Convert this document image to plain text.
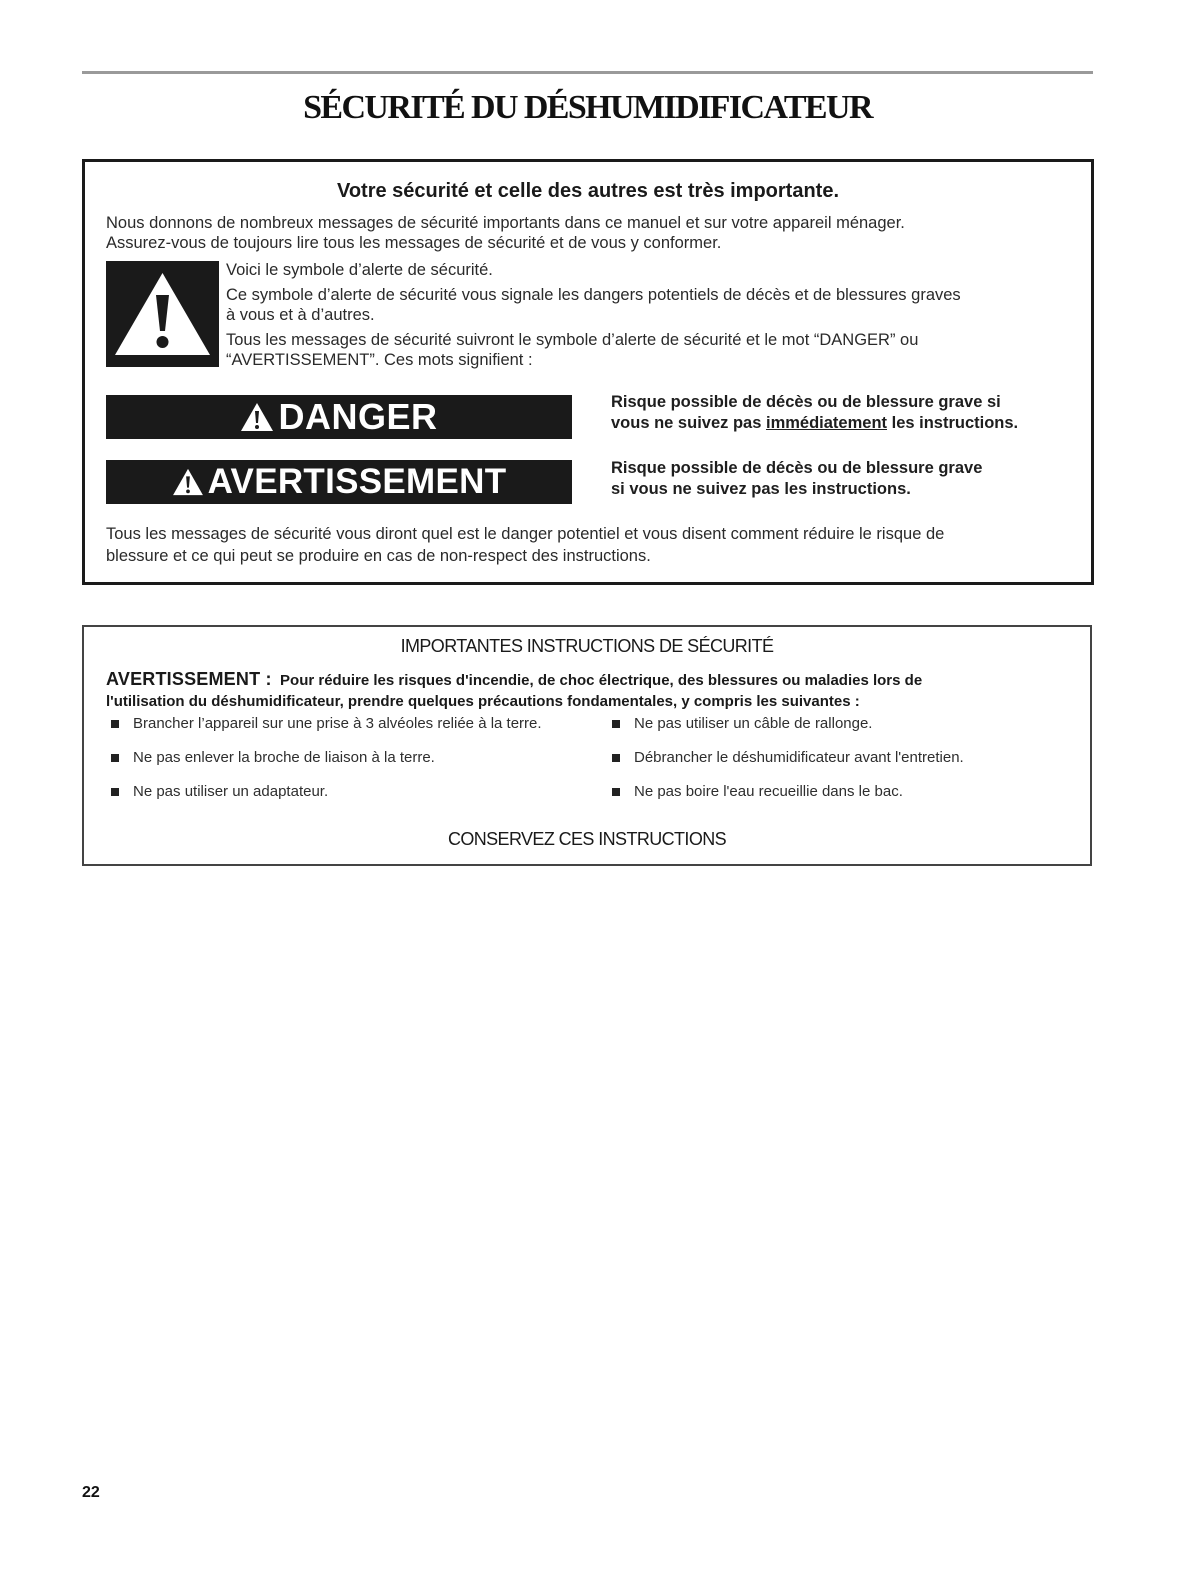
SÉCURITÉ DU DÉSHUMIDIFICATEUR
Votre sécurité et celle des autres est très importante.
Nous donnons de nombreux messages de sécurité importants dans ce manuel et sur votre appareil ménager.
Assurez-vous de toujours lire tous les messages de sécurité et de vous y conformer.
Voici le symbole d’alerte de sécurité.
Ce symbole d’alerte de sécurité vous signale les dangers potentiels de décès et de blessures graves
à vous et à d’autres.
Tous les messages de sécurité suivront le symbole d’alerte de sécurité et le mot “DANGER” ou
“AVERTISSEMENT”. Ces mots signifient :
DANGER	Risque possible de décès ou de blessure grave si
vous ne suivez pas immédiatement les instructions.
AVERTISSEMENT	Risque possible de décès ou de blessure grave
si vous ne suivez pas les instructions.
Tous les messages de sécurité vous diront quel est le danger potentiel et vous disent comment réduire le risque de
blessure et ce qui peut se produire en cas de non-respect des instructions.
IMPORTANTES INSTRUCTIONS DE SÉCURITÉ
AVERTISSEMENT : Pour réduire les risques d'incendie, de choc électrique, des blessures ou maladies lors de
l'utilisation du déshumidificateur, prendre quelques précautions fondamentales, y compris les suivantes :
Brancher l’appareil sur une prise à 3 alvéoles reliée à la terre.	Ne pas utiliser un câble de rallonge.
Ne pas enlever la broche de liaison à la terre.	Débrancher le déshumidificateur avant l'entretien.
Ne pas utiliser un adaptateur.	Ne pas boire l'eau recueillie dans le bac.
CONSERVEZ CES INSTRUCTIONS
22
